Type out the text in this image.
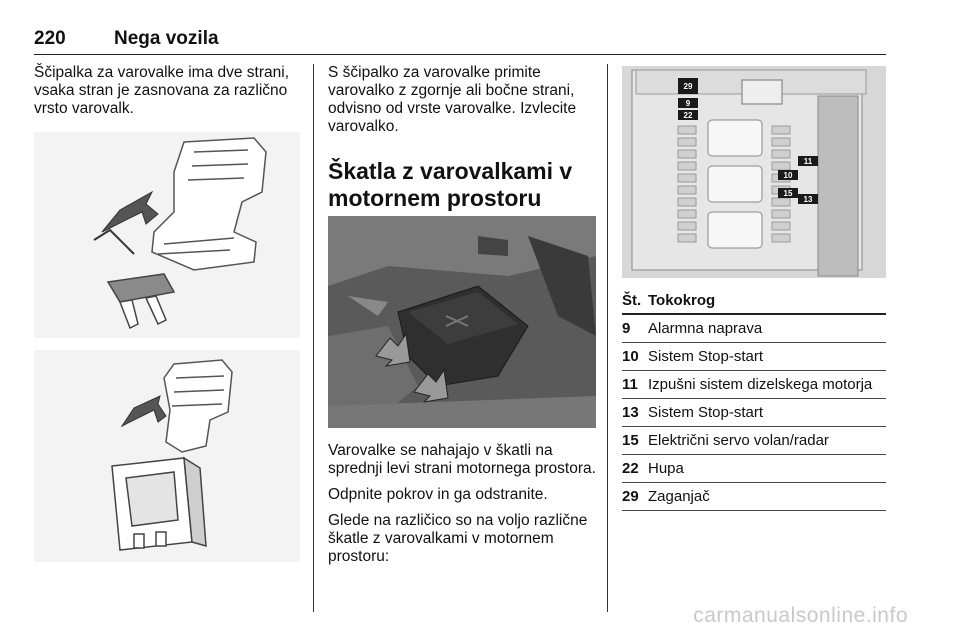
220	Nega vozila

Ščipalka za varovalke ima dve strani, vsaka stran je zasnovana za različno vrsto varovalk.

S ščipalko za varovalke primite varovalko z zgornje ali bočne strani, odvisno od vrste varovalke. Izvlecite varovalko.

Škatla z varovalkami v motornem prostoru

Varovalke se nahajajo v škatli na sprednji levi strani motornega prostora.

Odpnite pokrov in ga odstranite.

Glede na različico so na voljo različne škatle z varovalkami v motornem prostoru:

29
9
22
11
10
15
13
Št.	Tokokrog
9	Alarmna naprava
10	Sistem Stop-start
11	Izpušni sistem dizelskega motorja
13	Sistem Stop-start
15	Električni servo volan/radar
22	Hupa
29	Zaganjač
carmanualsonline.info
